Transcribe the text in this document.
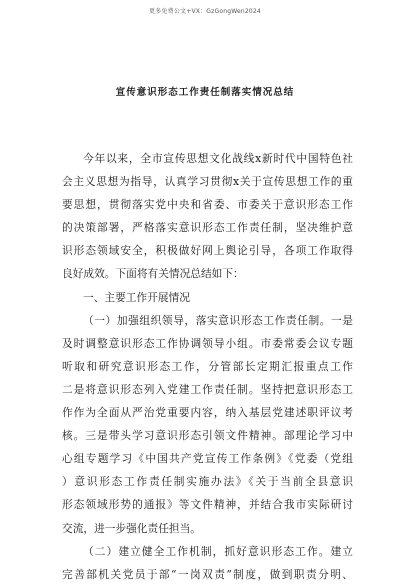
更多免费公文+VX：GzGongWen2024
宣传意识形态工作责任制落实情况总结
今年以来，全市宣传思想文化战线x新时代中国特色社
会主义思想为指导，认真学习贯彻x关于宣传思想工作的重
要思想，贯彻落实党中央和省委、市委关于意识形态工作
的决策部署，严格落实意识形态工作责任制，坚决维护意
识形态领域安全，积极做好网上舆论引导，各项工作取得
良好成效。下面将有关情况总结如下：
一、主要工作开展情况
（一）加强组织领导，落实意识形态工作责任制。一是
及时调整意识形态工作协调领导小组。市委常委会议专题
听取和研究意识形态工作，分管部长定期汇报重点工作
二是将意识形态列入党建工作责任制。坚持把意识形态工
作作为全面从严治党重要内容，纳入基层党建述职评议考
核。三是带头学习意识形态引领文件精神。部理论学习中
心组专题学习《中国共产党宣传工作条例》《党委（党组
）意识形态工作责任制实施办法》《关于当前全县意识
形态领域形势的通报》等文件精神，并结合我市实际研讨
交流，进一步强化责任担当。
（二）建立健全工作机制，抓好意识形态工作。建立
完善部机关党员于部“一岗双责”制度，做到职责分明、
